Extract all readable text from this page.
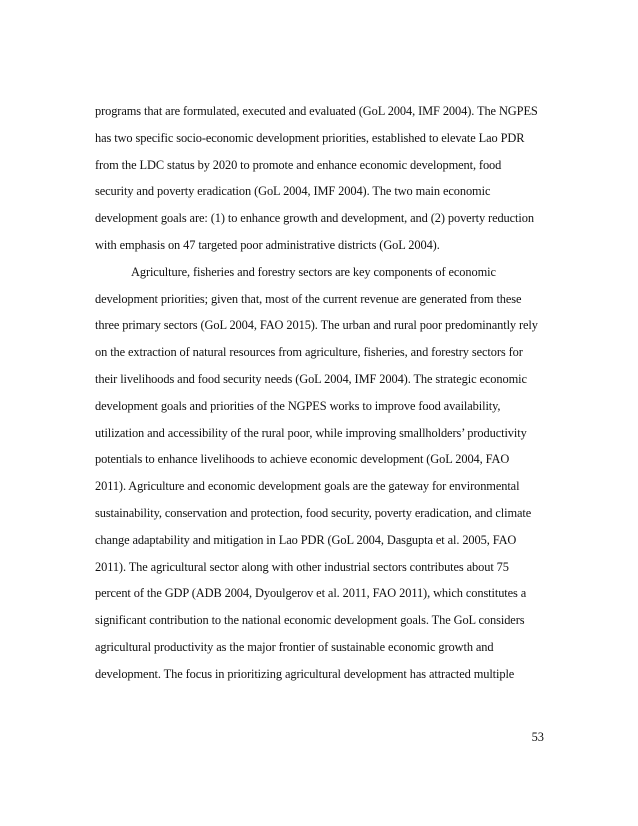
programs that are formulated, executed and evaluated (GoL 2004, IMF 2004). The NGPES
has two specific socio-economic development priorities, established to elevate Lao PDR
from the LDC status by 2020 to promote and enhance economic development, food
security and poverty eradication (GoL 2004, IMF 2004). The two main economic
development goals are: (1) to enhance growth and development, and (2) poverty reduction
with emphasis on 47 targeted poor administrative districts (GoL 2004).
Agriculture, fisheries and forestry sectors are key components of economic
development priorities; given that, most of the current revenue are generated from these
three primary sectors (GoL 2004, FAO 2015). The urban and rural poor predominantly rely
on the extraction of natural resources from agriculture, fisheries, and forestry sectors for
their livelihoods and food security needs (GoL 2004, IMF 2004). The strategic economic
development goals and priorities of the NGPES works to improve food availability,
utilization and accessibility of the rural poor, while improving smallholders’ productivity
potentials to enhance livelihoods to achieve economic development (GoL 2004, FAO
2011). Agriculture and economic development goals are the gateway for environmental
sustainability, conservation and protection, food security, poverty eradication, and climate
change adaptability and mitigation in Lao PDR (GoL 2004, Dasgupta et al. 2005, FAO
2011). The agricultural sector along with other industrial sectors contributes about 75
percent of the GDP (ADB 2004, Dyoulgerov et al. 2011, FAO 2011), which constitutes a
significant contribution to the national economic development goals. The GoL considers
agricultural productivity as the major frontier of sustainable economic growth and
development. The focus in prioritizing agricultural development has attracted multiple
53
